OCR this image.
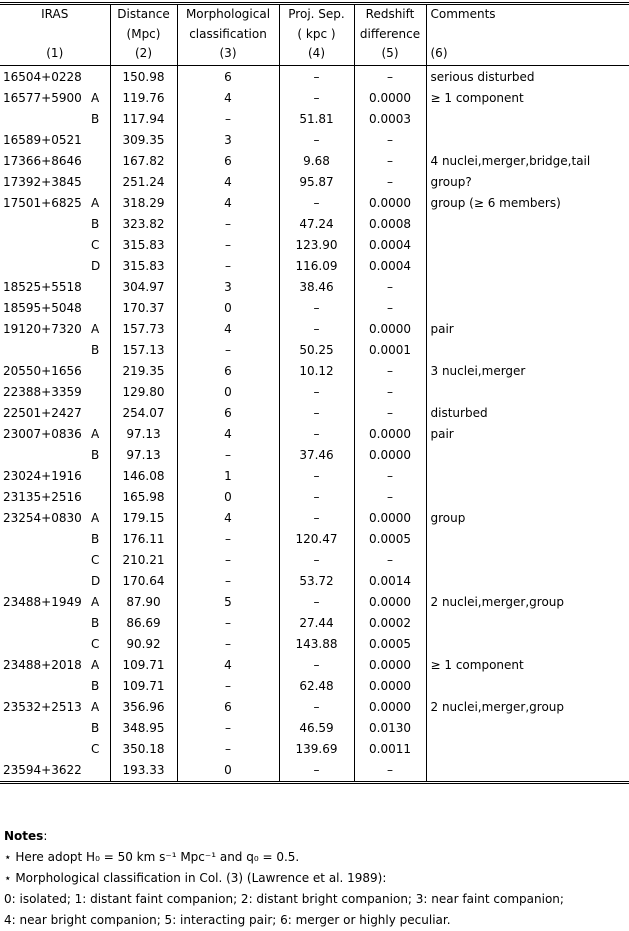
IRAS		Distance	Morphological	Proj. Sep.	Redshift	Comments
		(Mpc)	classification	( kpc )	difference	
(1)		(2)	(3)	(4)	(5)	(6)
16504+0228		150.98	6	–	–	serious disturbed
16577+5900	A	119.76	4	–	0.0000	≥ 1 component
	B	117.94	–	51.81	0.0003	
16589+0521		309.35	3	–	–	
17366+8646		167.82	6	9.68	–	4 nuclei,merger,bridge,tail
17392+3845		251.24	4	95.87	–	group?
17501+6825	A	318.29	4	–	0.0000	group (≥ 6 members)
	B	323.82	–	47.24	0.0008	
	C	315.83	–	123.90	0.0004	
	D	315.83	–	116.09	0.0004	
18525+5518		304.97	3	38.46	–	
18595+5048		170.37	0	–	–	
19120+7320	A	157.73	4	–	0.0000	pair
	B	157.13	–	50.25	0.0001	
20550+1656		219.35	6	10.12	–	3 nuclei,merger
22388+3359		129.80	0	–	–	
22501+2427		254.07	6	–	–	disturbed
23007+0836	A	97.13	4	–	0.0000	pair
	B	97.13	–	37.46	0.0000	
23024+1916		146.08	1	–	–	
23135+2516		165.98	0	–	–	
23254+0830	A	179.15	4	–	0.0000	group
	B	176.11	–	120.47	0.0005	
	C	210.21	–	–	–	
	D	170.64	–	53.72	0.0014	
23488+1949	A	87.90	5	–	0.0000	2 nuclei,merger,group
	B	86.69	–	27.44	0.0002	
	C	90.92	–	143.88	0.0005	
23488+2018	A	109.71	4	–	0.0000	≥ 1 component
	B	109.71	–	62.48	0.0000	
23532+2513	A	356.96	6	–	0.0000	2 nuclei,merger,group
	B	348.95	–	46.59	0.0130	
	C	350.18	–	139.69	0.0011	
23594+3622		193.33	0	–	–	
Notes:
⋆ Here adopt H₀ = 50 km s⁻¹ Mpc⁻¹ and q₀ = 0.5.
⋆ Morphological classification in Col. (3) (Lawrence et al. 1989):
0: isolated; 1: distant faint companion; 2: distant bright companion; 3: near faint companion;
4: near bright companion; 5: interacting pair; 6: merger or highly peculiar.
